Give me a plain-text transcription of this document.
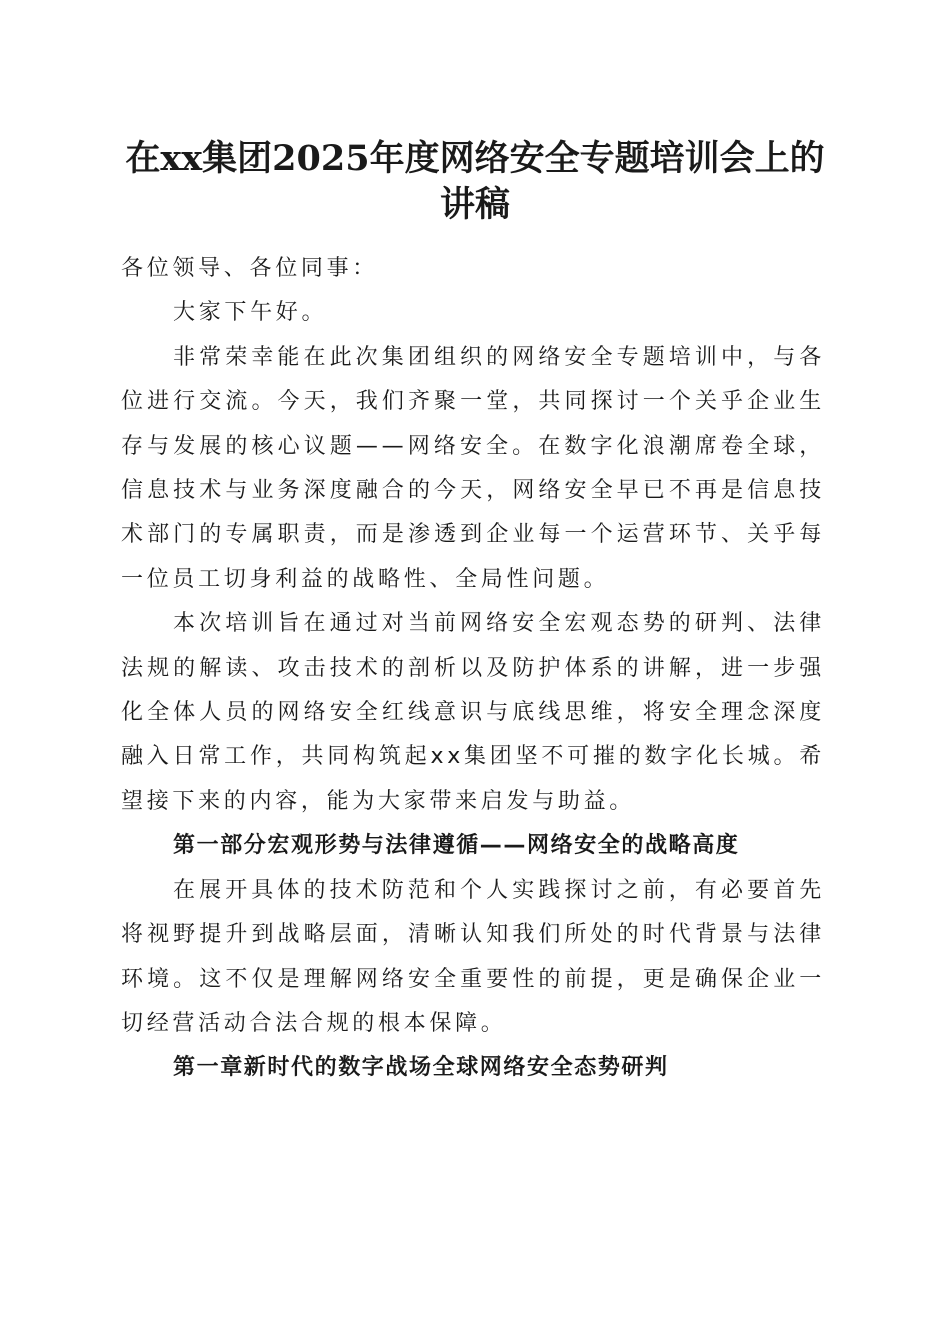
在xx集团2025年度网络安全专题培训会上的
讲稿

各位领导、各位同事：

大家下午好。

非常荣幸能在此次集团组织的网络安全专题培训中，与各位进行交流。今天，我们齐聚一堂，共同探讨一个关乎企业生存与发展的核心议题——网络安全。在数字化浪潮席卷全球，信息技术与业务深度融合的今天，网络安全早已不再是信息技术部门的专属职责，而是渗透到企业每一个运营环节、关乎每一位员工切身利益的战略性、全局性问题。

本次培训旨在通过对当前网络安全宏观态势的研判、法律法规的解读、攻击技术的剖析以及防护体系的讲解，进一步强化全体人员的网络安全红线意识与底线思维，将安全理念深度融入日常工作，共同构筑起xx集团坚不可摧的数字化长城。希望接下来的内容，能为大家带来启发与助益。

第一部分宏观形势与法律遵循——网络安全的战略高度

在展开具体的技术防范和个人实践探讨之前，有必要首先将视野提升到战略层面，清晰认知我们所处的时代背景与法律环境。这不仅是理解网络安全重要性的前提，更是确保企业一切经营活动合法合规的根本保障。

第一章新时代的数字战场全球网络安全态势研判
